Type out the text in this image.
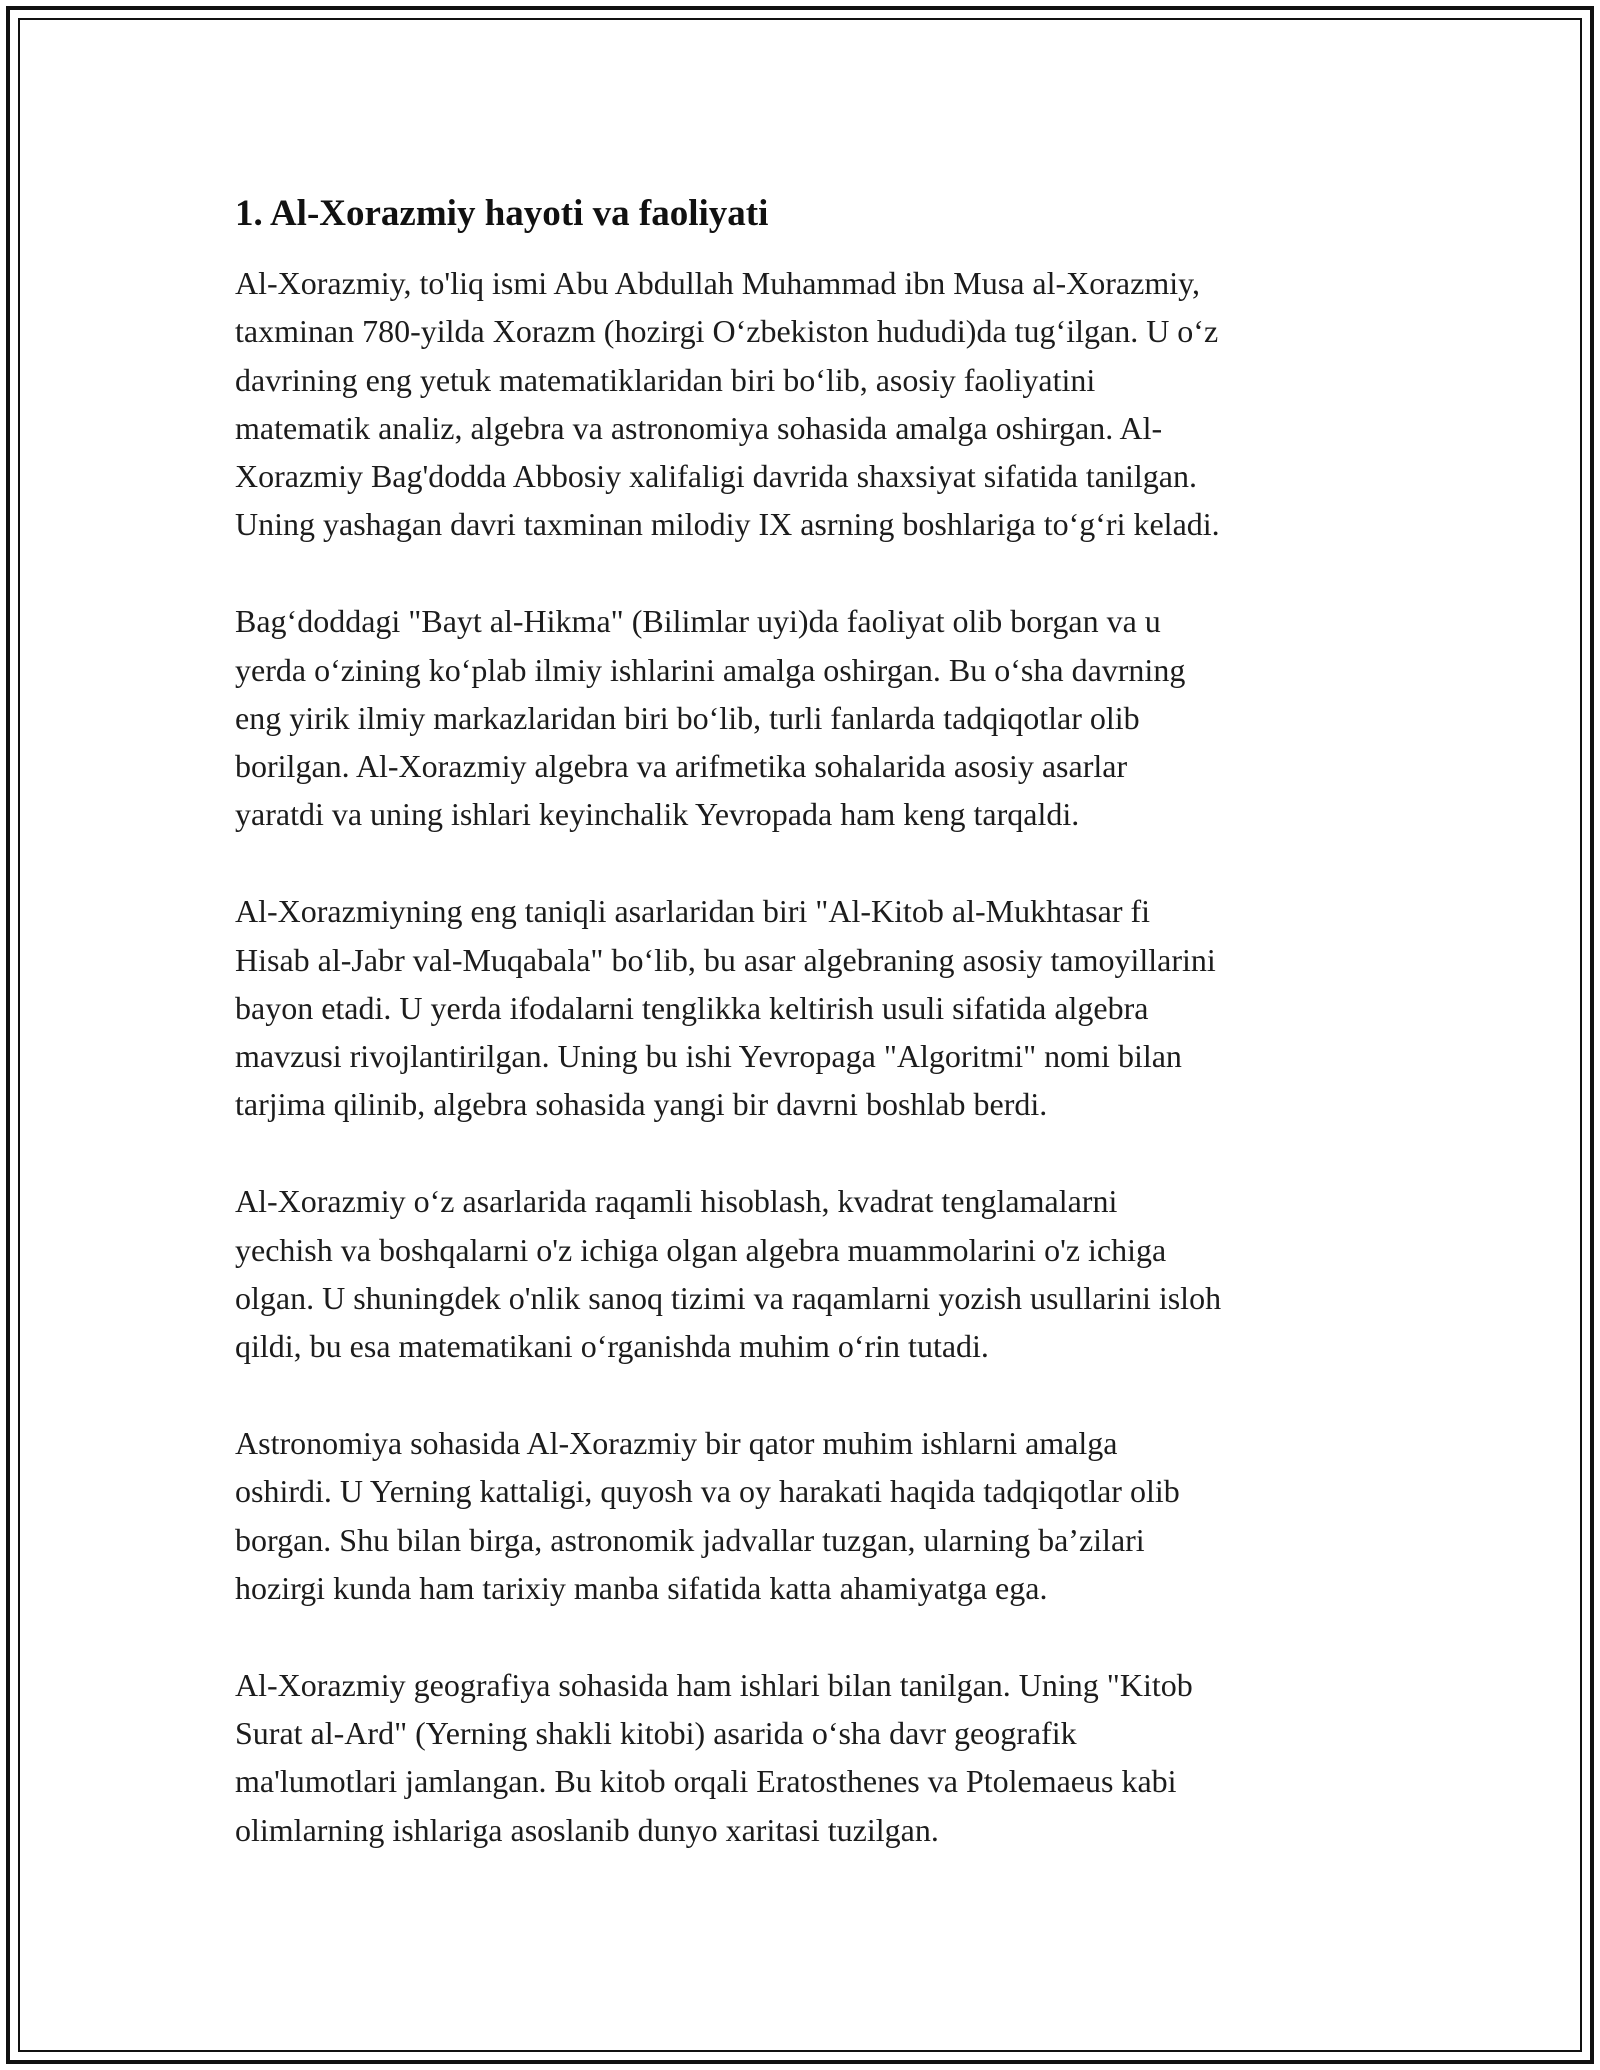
1. Al-Xorazmiy hayoti va faoliyati
Al-Xorazmiy, to'liq ismi Abu Abdullah Muhammad ibn Musa al-Xorazmiy,
taxminan 780-yilda Xorazm (hozirgi O‘zbekiston hududi)da tug‘ilgan. U o‘z
davrining eng yetuk matematiklaridan biri bo‘lib, asosiy faoliyatini
matematik analiz, algebra va astronomiya sohasida amalga oshirgan. Al-
Xorazmiy Bag'dodda Abbosiy xalifaligi davrida shaxsiyat sifatida tanilgan.
Uning yashagan davri taxminan milodiy IX asrning boshlariga to‘g‘ri keladi.
Bag‘doddagi "Bayt al-Hikma" (Bilimlar uyi)da faoliyat olib borgan va u
yerda o‘zining ko‘plab ilmiy ishlarini amalga oshirgan. Bu o‘sha davrning
eng yirik ilmiy markazlaridan biri bo‘lib, turli fanlarda tadqiqotlar olib
borilgan. Al-Xorazmiy algebra va arifmetika sohalarida asosiy asarlar
yaratdi va uning ishlari keyinchalik Yevropada ham keng tarqaldi.
Al-Xorazmiyning eng taniqli asarlaridan biri "Al-Kitob al-Mukhtasar fi
Hisab al-Jabr val-Muqabala" bo‘lib, bu asar algebraning asosiy tamoyillarini
bayon etadi. U yerda ifodalarni tenglikka keltirish usuli sifatida algebra
mavzusi rivojlantirilgan. Uning bu ishi Yevropaga "Algoritmi" nomi bilan
tarjima qilinib, algebra sohasida yangi bir davrni boshlab berdi.
Al-Xorazmiy o‘z asarlarida raqamli hisoblash, kvadrat tenglamalarni
yechish va boshqalarni o'z ichiga olgan algebra muammolarini o'z ichiga
olgan. U shuningdek o'nlik sanoq tizimi va raqamlarni yozish usullarini isloh
qildi, bu esa matematikani o‘rganishda muhim o‘rin tutadi.
Astronomiya sohasida Al-Xorazmiy bir qator muhim ishlarni amalga
oshirdi. U Yerning kattaligi, quyosh va oy harakati haqida tadqiqotlar olib
borgan. Shu bilan birga, astronomik jadvallar tuzgan, ularning ba’zilari
hozirgi kunda ham tarixiy manba sifatida katta ahamiyatga ega.
Al-Xorazmiy geografiya sohasida ham ishlari bilan tanilgan. Uning "Kitob
Surat al-Ard" (Yerning shakli kitobi) asarida o‘sha davr geografik
ma'lumotlari jamlangan. Bu kitob orqali Eratosthenes va Ptolemaeus kabi
olimlarning ishlariga asoslanib dunyo xaritasi tuzilgan.
